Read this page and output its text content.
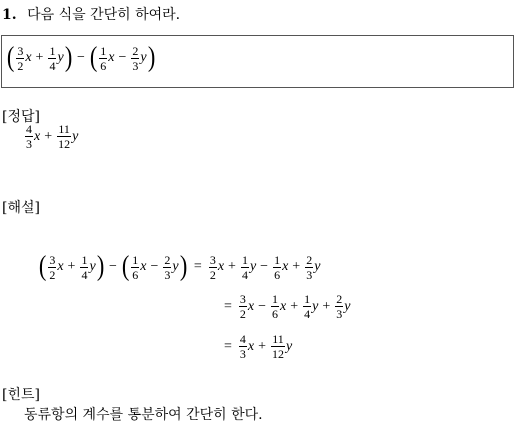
1. 다음 식을 간단히 하여라.
( $\frac{3}{2}$ $x + \frac{1}{4}$ y ) − ( $\frac{1}{6}$ $x - \frac{2}{3}$ y )
[정답]
$\frac{4}{3}$ $x + \frac{11}{12}$ y
[해설]
( $\frac{3}{2}$ $x + \frac{1}{4}$ y ) − ( $\frac{1}{6}$ $x - \frac{2}{3}$ y ) = $\frac{3}{2}$ $x + \frac{1}{4}$ $y - \frac{1}{6}$ $x + \frac{2}{3}$ y
= $\frac{3}{2}$ $x - \frac{1}{6}$ $x + \frac{1}{4}$ $y + \frac{2}{3}$ y
= $\frac{4}{3}$ $x + \frac{11}{12}$ y
[힌트]
동류항의 계수를 통분하여 간단히 한다.
